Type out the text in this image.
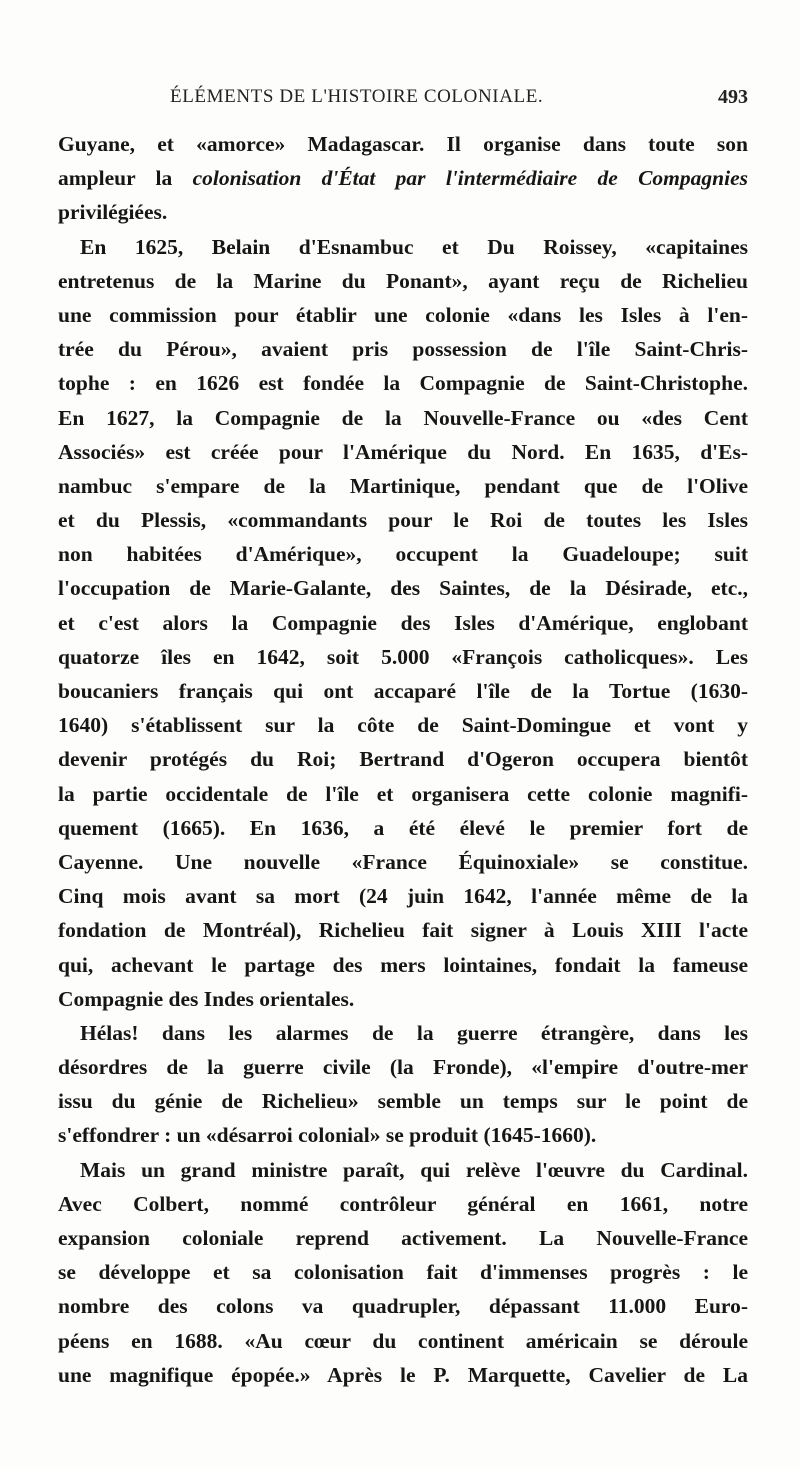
ÉLÉMENTS DE L'HISTOIRE COLONIALE.	493
Guyane, et «amorce» Madagascar. Il organise dans toute son
ampleur la colonisation d'État par l'intermédiaire de Compagnies
privilégiées.
En 1625, Belain d'Esnambuc et Du Roissey, «capitaines
entretenus de la Marine du Ponant», ayant reçu de Richelieu
une commission pour établir une colonie «dans les Isles à l'en-
trée du Pérou», avaient pris possession de l'île Saint-Chris-
tophe : en 1626 est fondée la Compagnie de Saint-Christophe.
En 1627, la Compagnie de la Nouvelle-France ou «des Cent
Associés» est créée pour l'Amérique du Nord. En 1635, d'Es-
nambuc s'empare de la Martinique, pendant que de l'Olive
et du Plessis, «commandants pour le Roi de toutes les Isles
non habitées d'Amérique», occupent la Guadeloupe; suit
l'occupation de Marie-Galante, des Saintes, de la Désirade, etc.,
et c'est alors la Compagnie des Isles d'Amérique, englobant
quatorze îles en 1642, soit 5.000 «François catholicques». Les
boucaniers français qui ont accaparé l'île de la Tortue (1630-
1640) s'établissent sur la côte de Saint-Domingue et vont y
devenir protégés du Roi; Bertrand d'Ogeron occupera bientôt
la partie occidentale de l'île et organisera cette colonie magnifi-
quement (1665). En 1636, a été élevé le premier fort de
Cayenne. Une nouvelle «France Équinoxiale» se constitue.
Cinq mois avant sa mort (24 juin 1642, l'année même de la
fondation de Montréal), Richelieu fait signer à Louis XIII l'acte
qui, achevant le partage des mers lointaines, fondait la fameuse
Compagnie des Indes orientales.
Hélas! dans les alarmes de la guerre étrangère, dans les
désordres de la guerre civile (la Fronde), «l'empire d'outre-mer
issu du génie de Richelieu» semble un temps sur le point de
s'effondrer : un «désarroi colonial» se produit (1645-1660).
Mais un grand ministre paraît, qui relève l'œuvre du Cardinal.
Avec Colbert, nommé contrôleur général en 1661, notre
expansion coloniale reprend activement. La Nouvelle-France
se développe et sa colonisation fait d'immenses progrès : le
nombre des colons va quadrupler, dépassant 11.000 Euro-
péens en 1688. «Au cœur du continent américain se déroule
une magnifique épopée.» Après le P. Marquette, Cavelier de La
